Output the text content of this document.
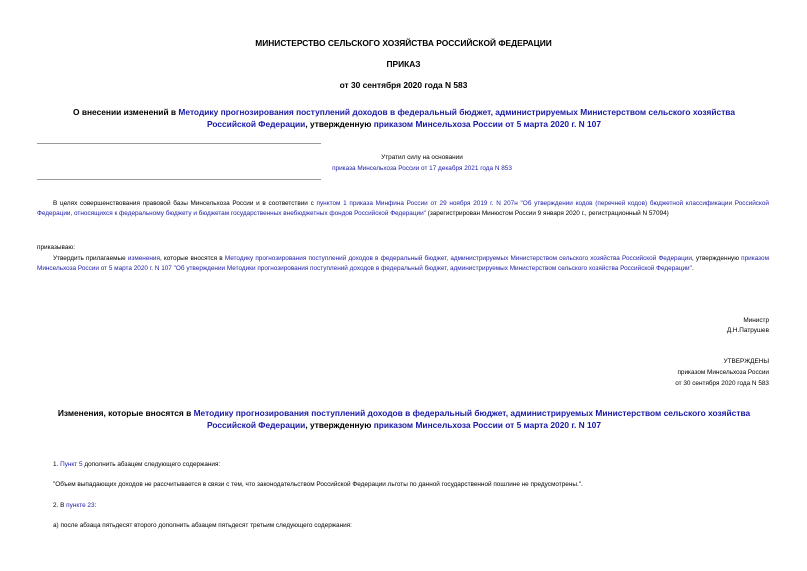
МИНИСТЕРСТВО СЕЛЬСКОГО ХОЗЯЙСТВА РОССИЙСКОЙ ФЕДЕРАЦИИ
ПРИКАЗ
от 30 сентября 2020 года N 583
О внесении изменений в Методику прогнозирования поступлений доходов в федеральный бюджет, администрируемых Министерством сельского хозяйства Российской Федерации, утвержденную приказом Минсельхоза России от 5 марта 2020 г. N 107
Утратил силу на основании
приказа Минсельхоза России от 17 декабря 2021 года N 853
В целях совершенствования правовой базы Минсельхоза России и в соответствии с пунктом 1 приказа Минфина России от 29 ноября 2019 г. N 207н "Об утверждении кодов (перечней кодов) бюджетной классификации Российской Федерации, относящихся к федеральному бюджету и бюджетам государственных внебюджетных фондов Российской Федерации" (зарегистрирован Минюстом России 9 января 2020 г., регистрационный N 57094)
приказываю:
Утвердить прилагаемые изменения, которые вносятся в Методику прогнозирования поступлений доходов в федеральный бюджет, администрируемых Министерством сельского хозяйства Российской Федерации, утвержденную приказом Минсельхоза России от 5 марта 2020 г. N 107 "Об утверждении Методики прогнозирования поступлений доходов в федеральный бюджет, администрируемых Министерством сельского хозяйства Российской Федерации".
Министр
Д.Н.Патрушев
УТВЕРЖДЕНЫ
приказом Минсельхоза России
от 30 сентября 2020 года N 583
Изменения, которые вносятся в Методику прогнозирования поступлений доходов в федеральный бюджет, администрируемых Министерством сельского хозяйства Российской Федерации, утвержденную приказом Минсельхоза России от 5 марта 2020 г. N 107
1. Пункт 5 дополнить абзацем следующего содержания:
"Объем выпадающих доходов не рассчитывается в связи с тем, что законодательством Российской Федерации льготы по данной государственной пошлине не предусмотрены.".
2. В пункте 23:
а) после абзаца пятьдесят второго дополнить абзацем пятьдесят третьим следующего содержания:
